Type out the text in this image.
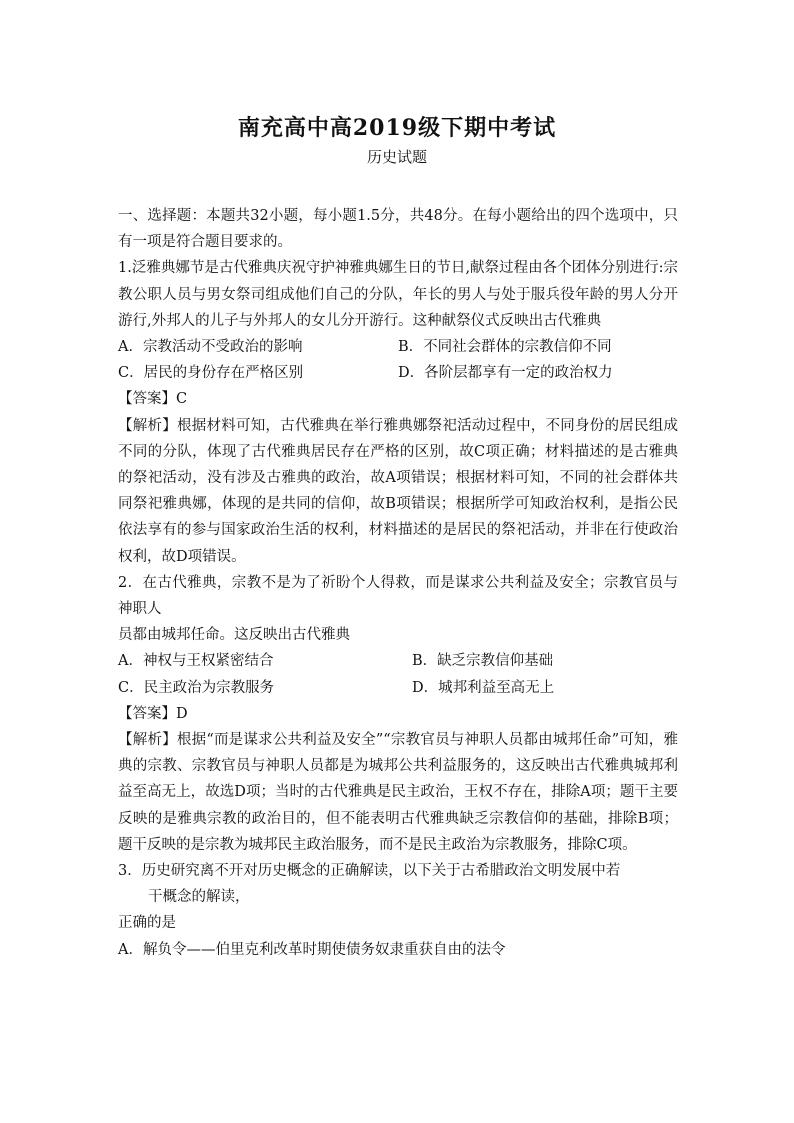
南充高中高2019级下期中考试
历史试题

一、选择题：本题共32小题，每小题1.5分，共48分。在每小题给出的四个选项中，只有一项是符合题目要求的。

1.泛雅典娜节是古代雅典庆祝守护神雅典娜生日的节日,献祭过程由各个团体分别进行:宗教公职人员与男女祭司组成他们自己的分队，年长的男人与处于服兵役年龄的男人分开游行,外邦人的儿子与外邦人的女儿分开游行。这种献祭仪式反映出古代雅典

A．宗教活动不受政治的影响	B．不同社会群体的宗教信仰不同
C．居民的身份存在严格区别	D．各阶层都享有一定的政治权力

【答案】C

【解析】根据材料可知，古代雅典在举行雅典娜祭祀活动过程中，不同身份的居民组成不同的分队，体现了古代雅典居民存在严格的区别，故C项正确；材料描述的是古雅典的祭祀活动，没有涉及古雅典的政治，故A项错误；根据材料可知，不同的社会群体共同祭祀雅典娜，体现的是共同的信仰，故B项错误；根据所学可知政治权利，是指公民依法享有的参与国家政治生活的权利，材料描述的是居民的祭祀活动，并非在行使政治权利，故D项错误。

2．在古代雅典，宗教不是为了祈盼个人得救，而是谋求公共利益及安全；宗教官员与神职人

员都由城邦任命。这反映出古代雅典

A．神权与王权紧密结合	B．缺乏宗教信仰基础
C．民主政治为宗教服务	D．城邦利益至高无上

【答案】D

【解析】根据“而是谋求公共利益及安全”“宗教官员与神职人员都由城邦任命”可知，雅典的宗教、宗教官员与神职人员都是为城邦公共利益服务的，这反映出古代雅典城邦利益至高无上，故选D项；当时的古代雅典是民主政治，王权不存在，排除A项；题干主要反映的是雅典宗教的政治目的，但不能表明古代雅典缺乏宗教信仰的基础，排除B项；题干反映的是宗教为城邦民主政治服务，而不是民主政治为宗教服务，排除C项。

3．历史研究离不开对历史概念的正确解读，以下关于古希腊政治文明发展中若

干概念的解读，

正确的是

A．解负令——伯里克利改革时期使债务奴隶重获自由的法令
